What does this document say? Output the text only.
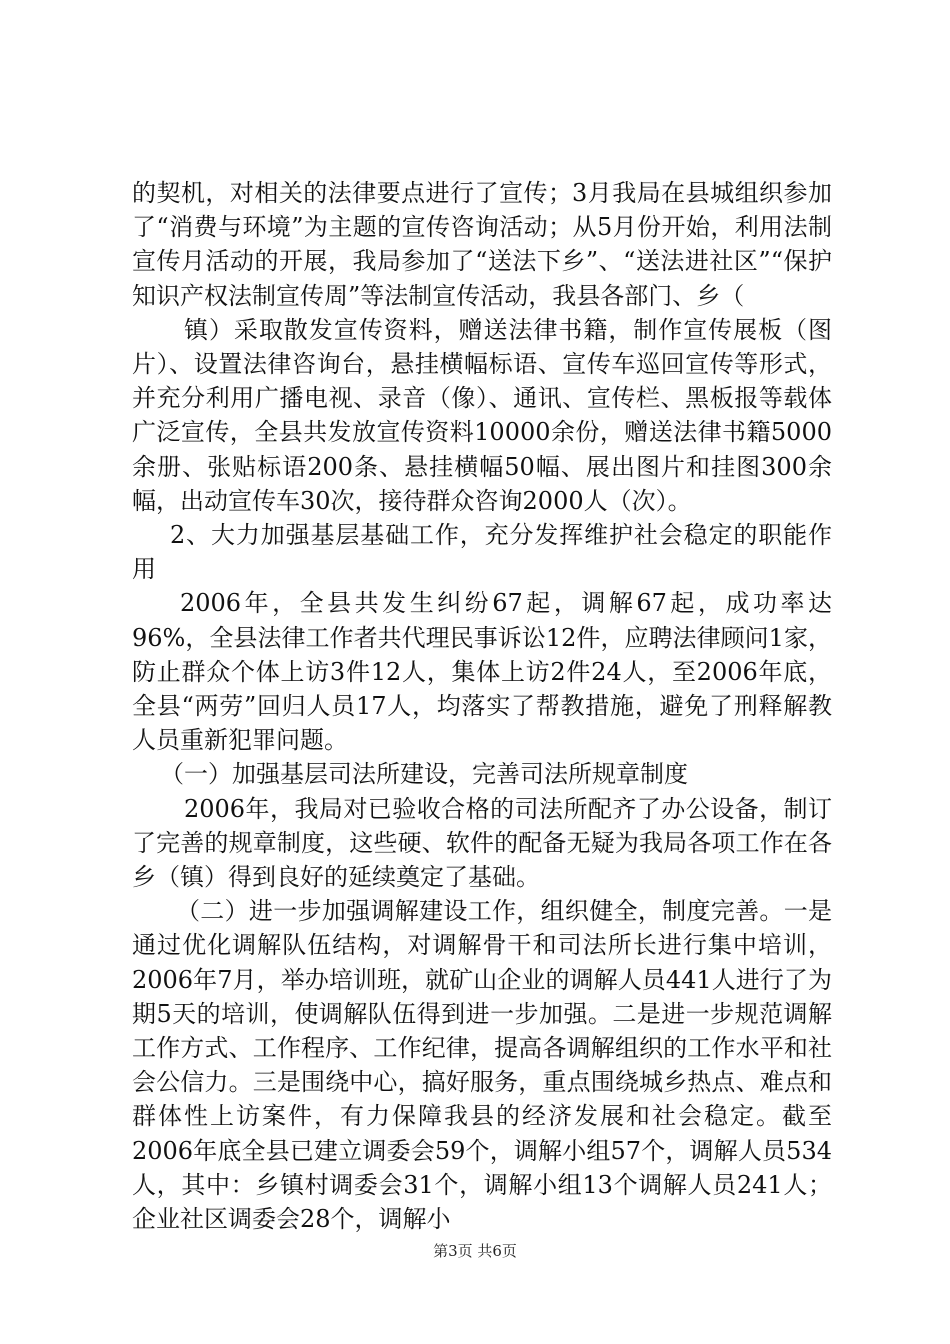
的契机，对相关的法律要点进行了宣传；3月我局在县城组织参加了“消费与环境”为主题的宣传咨询活动；从5月份开始，利用法制宣传月活动的开展，我局参加了“送法下乡”、“送法进社区”“保护知识产权法制宣传周”等法制宣传活动，我县各部门、乡（

镇）采取散发宣传资料，赠送法律书籍，制作宣传展板（图片）、设置法律咨询台，悬挂横幅标语、宣传车巡回宣传等形式，并充分利用广播电视、录音（像）、通讯、宣传栏、黑板报等载体广泛宣传，全县共发放宣传资料10000余份，赠送法律书籍5000余册、张贴标语200条、悬挂横幅50幅、展出图片和挂图300余幅，出动宣传车30次，接待群众咨询2000人（次）。

2、大力加强基层基础工作，充分发挥维护社会稳定的职能作用

2006年，全县共发生纠纷67起，调解67起，成功率达96%，全县法律工作者共代理民事诉讼12件，应聘法律顾问1家，防止群众个体上访3件12人，集体上访2件24人，至2006年底，全县“两劳”回归人员17人，均落实了帮教措施，避免了刑释解教人员重新犯罪问题。

（一）加强基层司法所建设，完善司法所规章制度

2006年，我局对已验收合格的司法所配齐了办公设备，制订了完善的规章制度，这些硬、软件的配备无疑为我局各项工作在各乡（镇）得到良好的延续奠定了基础。

（二）进一步加强调解建设工作，组织健全，制度完善。一是通过优化调解队伍结构，对调解骨干和司法所长进行集中培训，2006年7月，举办培训班，就矿山企业的调解人员441人进行了为期5天的培训，使调解队伍得到进一步加强。二是进一步规范调解工作方式、工作程序、工作纪律，提高各调解组织的工作水平和社会公信力。三是围绕中心，搞好服务，重点围绕城乡热点、难点和群体性上访案件，有力保障我县的经济发展和社会稳定。截至2006年底全县已建立调委会59个，调解小组57个，调解人员534人，其中：乡镇村调委会31个，调解小组13个调解人员241人；企业社区调委会28个，调解小

第3页 共6页
